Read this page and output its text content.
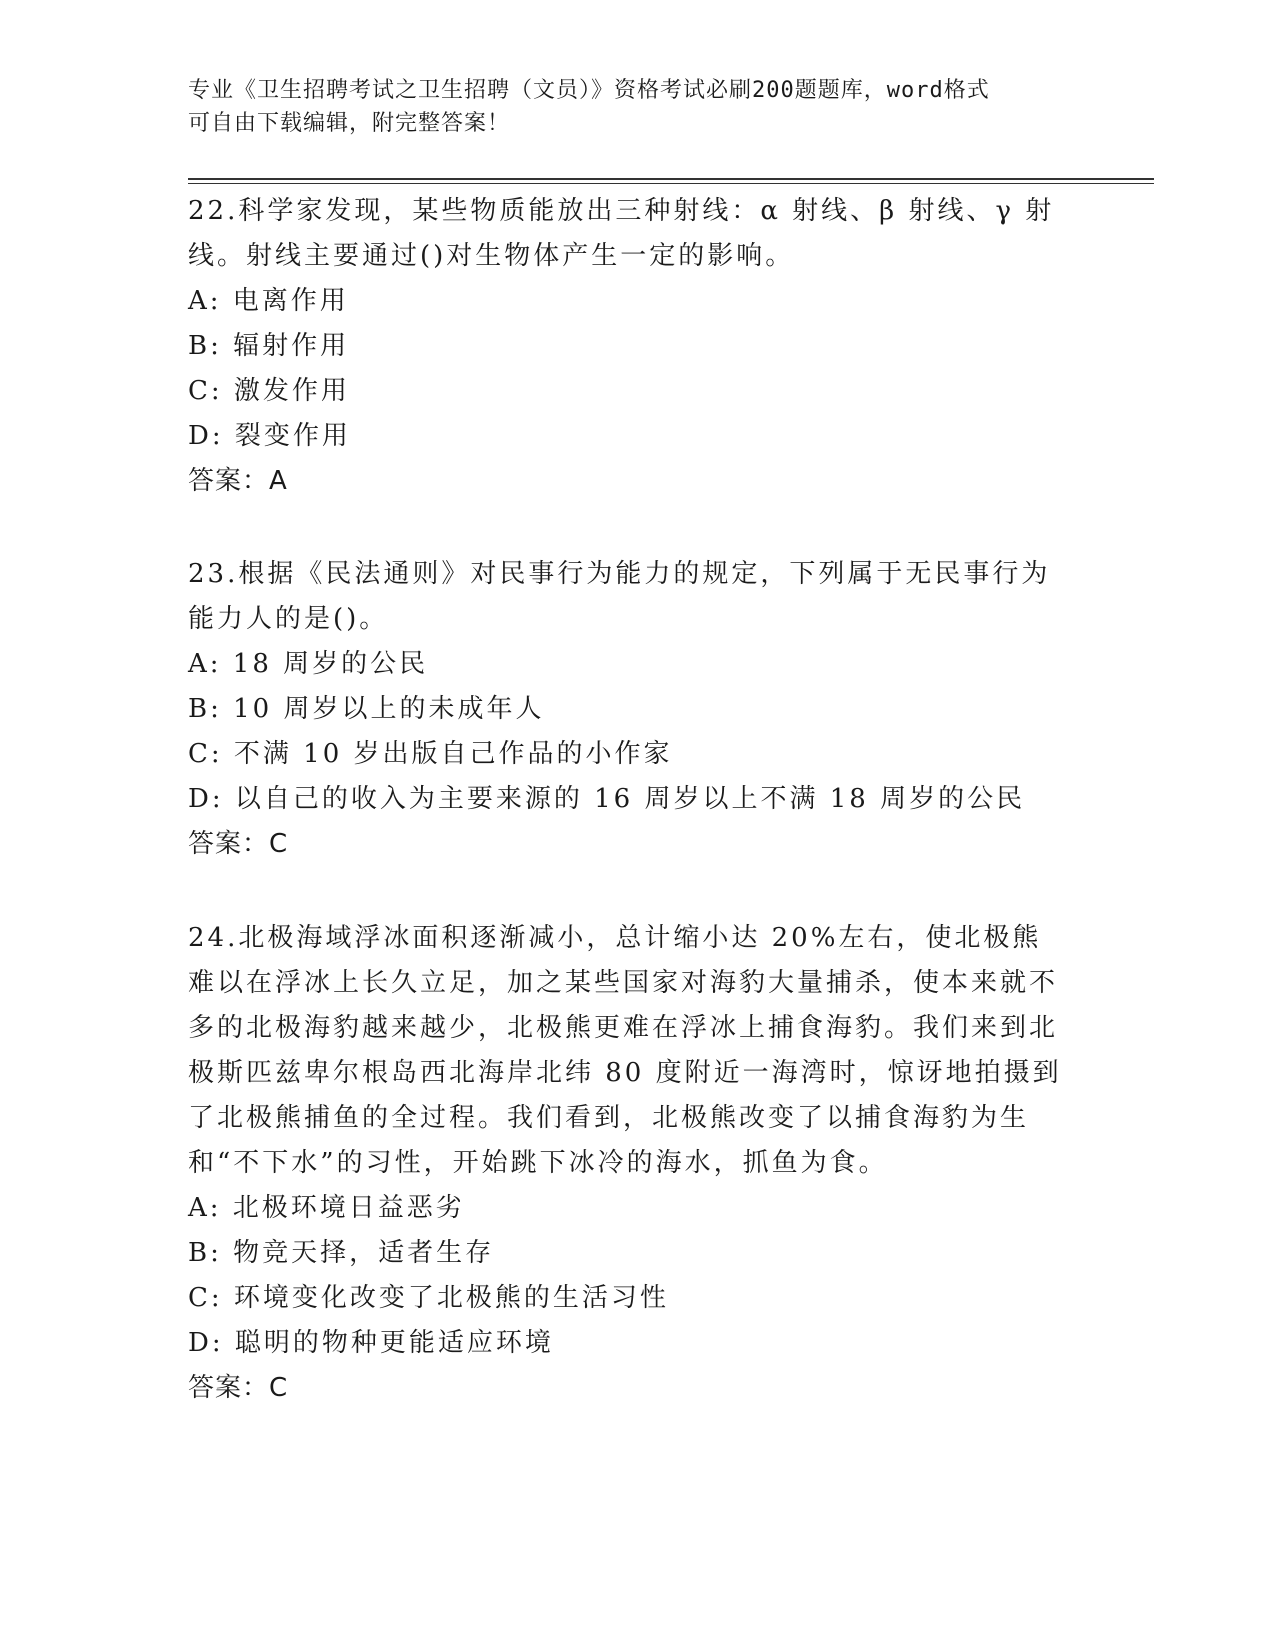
专业《卫生招聘考试之卫生招聘（文员）》资格考试必刷200题题库，word格式
可自由下载编辑，附完整答案！

22.科学家发现，某些物质能放出三种射线：α 射线、β 射线、γ 射线。射线主要通过()对生物体产生一定的影响。

A: 电离作用

B: 辐射作用

C: 激发作用

D: 裂变作用

答案：A

23.根据《民法通则》对民事行为能力的规定，下列属于无民事行为能力人的是()。

A: 18 周岁的公民

B: 10 周岁以上的未成年人

C: 不满 10 岁出版自己作品的小作家

D: 以自己的收入为主要来源的 16 周岁以上不满 18 周岁的公民

答案：C

24.北极海域浮冰面积逐渐减小，总计缩小达 20%左右，使北极熊难以在浮冰上长久立足，加之某些国家对海豹大量捕杀，使本来就不多的北极海豹越来越少，北极熊更难在浮冰上捕食海豹。我们来到北极斯匹兹卑尔根岛西北海岸北纬 80 度附近一海湾时，惊讶地拍摄到了北极熊捕鱼的全过程。我们看到，北极熊改变了以捕食海豹为生和“不下水”的习性，开始跳下冰冷的海水，抓鱼为食。

A: 北极环境日益恶劣

B: 物竞天择，适者生存

C: 环境变化改变了北极熊的生活习性

D: 聪明的物种更能适应环境

答案：C
